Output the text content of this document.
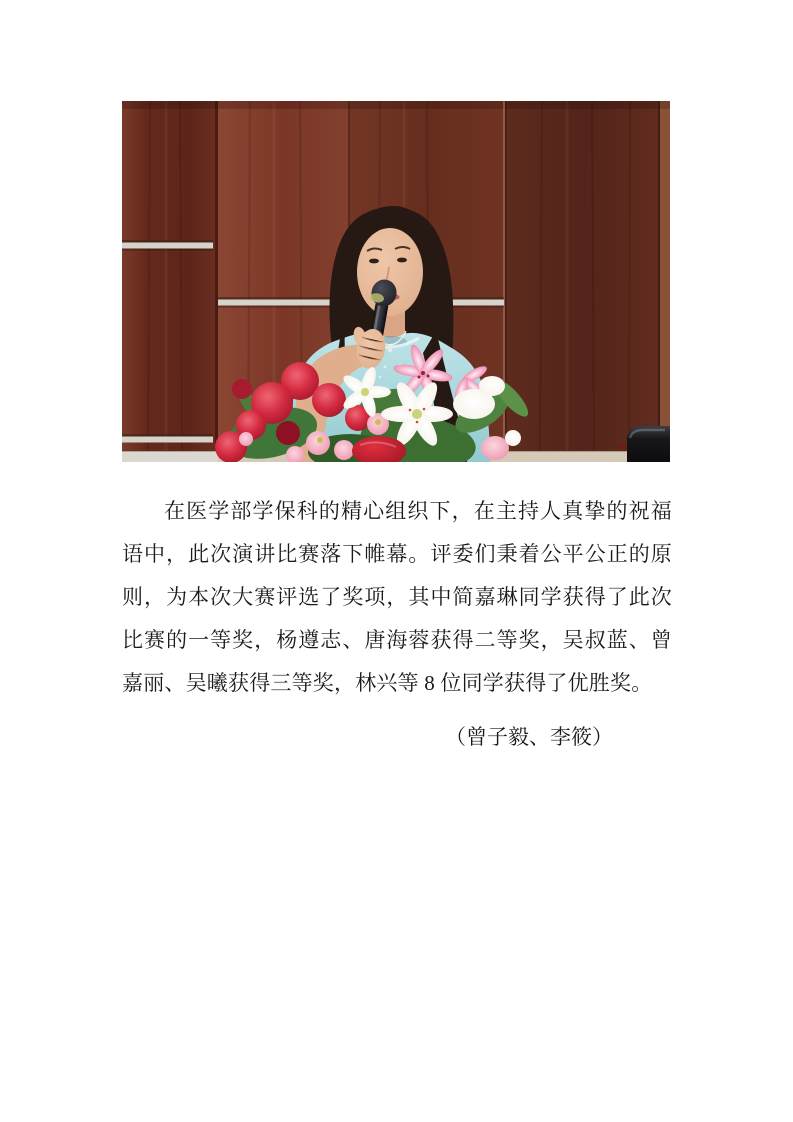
在医学部学保科的精心组织下，在主持人真挚的祝福语中，此次演讲比赛落下帷幕。评委们秉着公平公正的原则，为本次大赛评选了奖项，其中简嘉琳同学获得了此次比赛的一等奖，杨遵志、唐海蓉获得二等奖，吴叔蓝、曾嘉丽、吴曦获得三等奖，林兴等 8 位同学获得了优胜奖。

（曾子毅、李筱）
